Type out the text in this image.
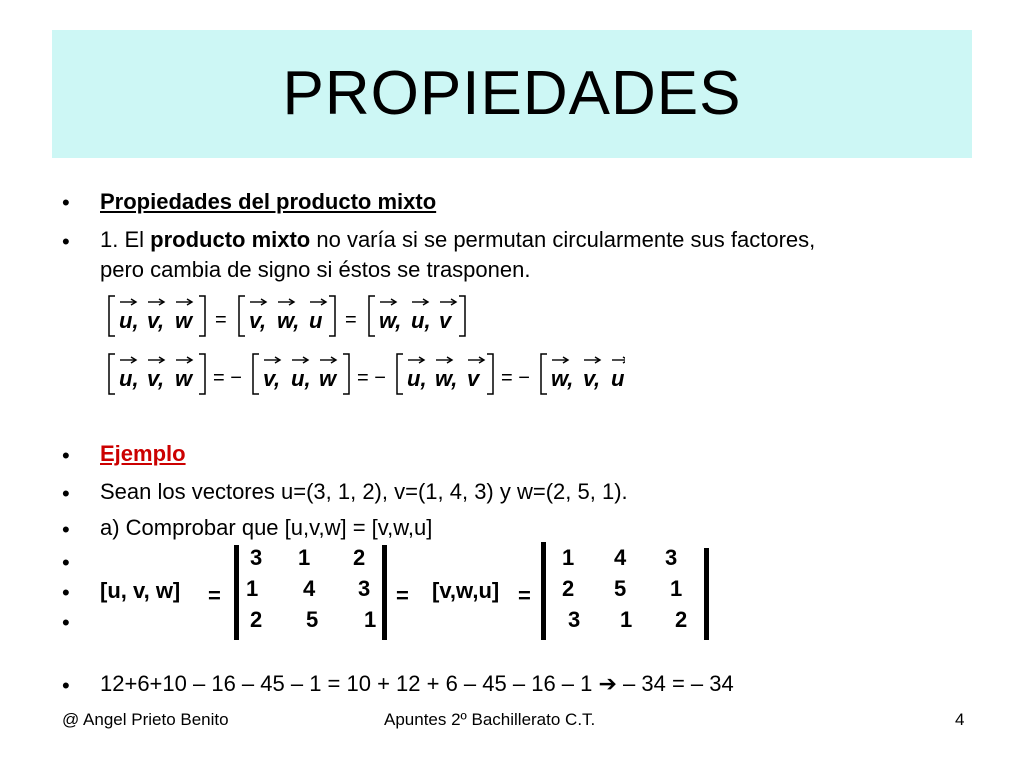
PROPIEDADES
• Propiedades del producto mixto
• 1. El producto mixto no varía si se permutan circularmente sus factores,
pero cambia de signo si éstos se trasponen.
u, v, w = v, w, u = w, u, v
u, v, w = − v, u, w = − u, w, v = − w, v, u
• Ejemplo
• Sean los vectores u=(3, 1, 2), v=(1, 4, 3) y w=(2, 5, 1).
• a) Comprobar que [u,v,w] = [v,w,u]
•
•
•
[u, v, w] =	= [v,w,u] =
3 1 2
1 4 3
2 5 1
1 4 3
2 5 1
3 1 2
• 12+6+10 – 16 – 45 – 1 = 10 + 12 + 6 – 45 – 16 – 1 ➔ – 34 = – 34
@ Angel Prieto Benito	Apuntes 2º Bachillerato C.T.	4
